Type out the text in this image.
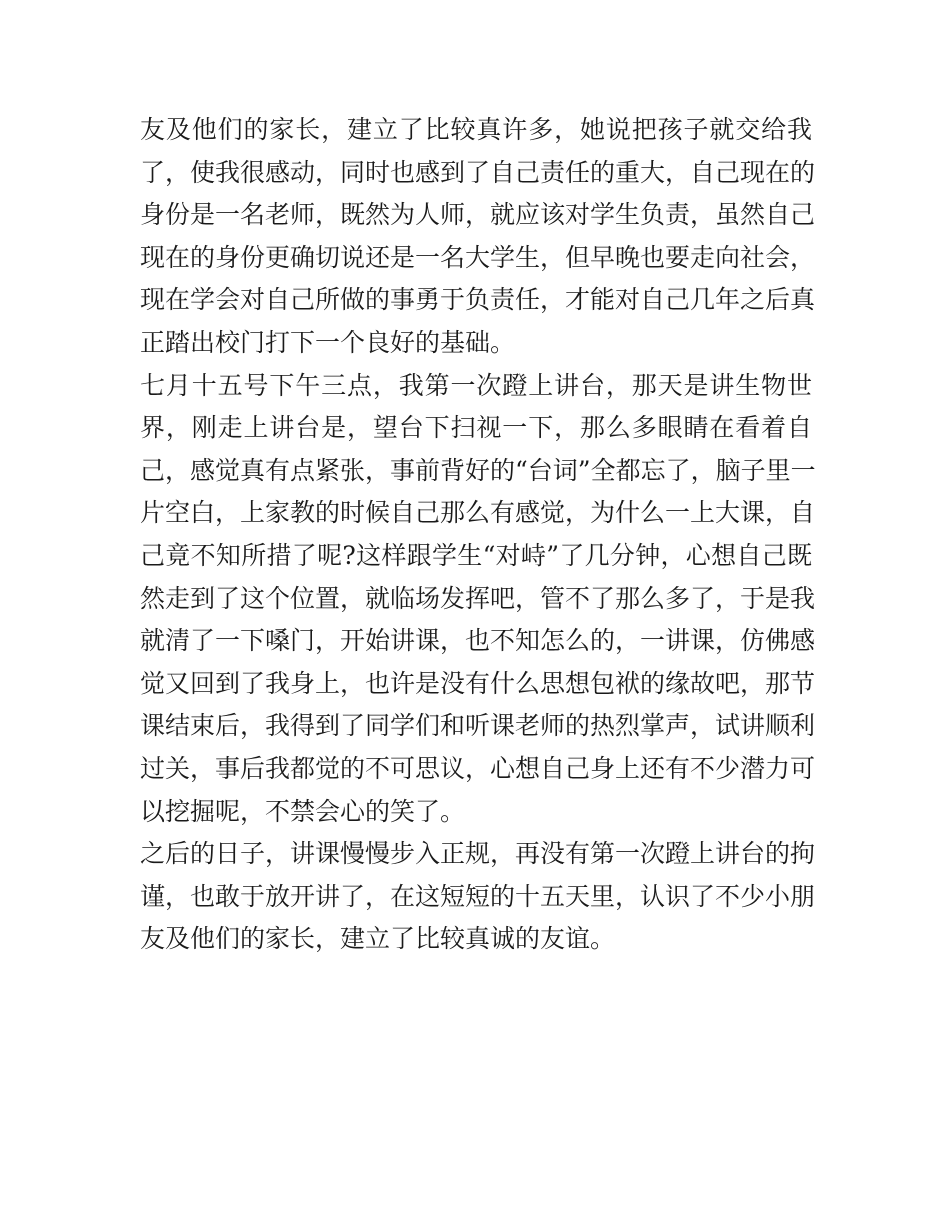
友及他们的家长，建立了比较真许多，她说把孩子就交给我
了，使我很感动，同时也感到了自己责任的重大，自己现在的
身份是一名老师，既然为人师，就应该对学生负责，虽然自己
现在的身份更确切说还是一名大学生，但早晚也要走向社会，
现在学会对自己所做的事勇于负责任，才能对自己几年之后真
正踏出校门打下一个良好的基础。
七月十五号下午三点，我第一次蹬上讲台，那天是讲生物世
界，刚走上讲台是，望台下扫视一下，那么多眼睛在看着自
己，感觉真有点紧张，事前背好的“台词”全都忘了，脑子里一
片空白，上家教的时候自己那么有感觉，为什么一上大课，自
己竟不知所措了呢?这样跟学生“对峙”了几分钟，心想自己既
然走到了这个位置，就临场发挥吧，管不了那么多了，于是我
就清了一下嗓门，开始讲课，也不知怎么的，一讲课，仿佛感
觉又回到了我身上，也许是没有什么思想包袱的缘故吧，那节
课结束后，我得到了同学们和听课老师的热烈掌声，试讲顺利
过关，事后我都觉的不可思议，心想自己身上还有不少潜力可
以挖掘呢，不禁会心的笑了。
之后的日子，讲课慢慢步入正规，再没有第一次蹬上讲台的拘
谨，也敢于放开讲了，在这短短的十五天里，认识了不少小朋
友及他们的家长，建立了比较真诚的友谊。
